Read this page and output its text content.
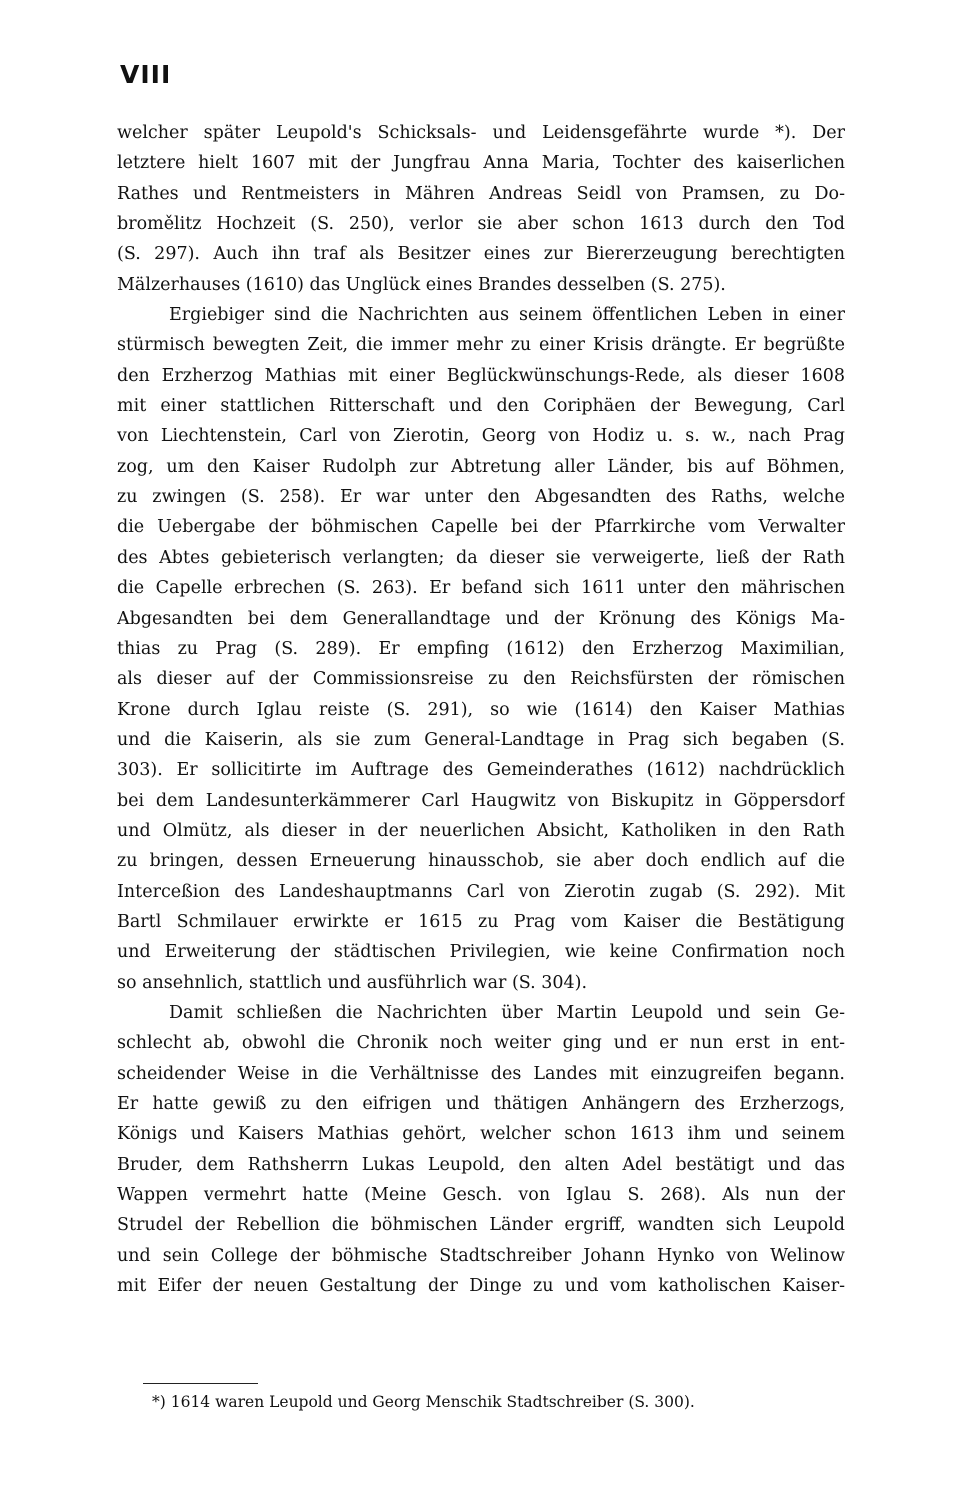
VIII
welcher später Leupold's Schicksals- und Leidensgefährte wurde *). Der
letztere hielt 1607 mit der Jungfrau Anna Maria, Tochter des kaiserlichen
Rathes und Rentmeisters in Mähren Andreas Seidl von Pramsen, zu Do-
bromělitz Hochzeit (S. 250), verlor sie aber schon 1613 durch den Tod
(S. 297). Auch ihn traf als Besitzer eines zur Biererzeugung berechtigten
Mälzerhauses (1610) das Unglück eines Brandes desselben (S. 275).
Ergiebiger sind die Nachrichten aus seinem öffentlichen Leben in einer
stürmisch bewegten Zeit, die immer mehr zu einer Krisis drängte. Er begrüßte
den Erzherzog Mathias mit einer Beglückwünschungs-Rede, als dieser 1608
mit einer stattlichen Ritterschaft und den Coriphäen der Bewegung, Carl
von Liechtenstein, Carl von Zierotin, Georg von Hodiz u. s. w., nach Prag
zog, um den Kaiser Rudolph zur Abtretung aller Länder, bis auf Böhmen,
zu zwingen (S. 258). Er war unter den Abgesandten des Raths, welche
die Uebergabe der böhmischen Capelle bei der Pfarrkirche vom Verwalter
des Abtes gebieterisch verlangten; da dieser sie verweigerte, ließ der Rath
die Capelle erbrechen (S. 263). Er befand sich 1611 unter den mährischen
Abgesandten bei dem Generallandtage und der Krönung des Königs Ma-
thias zu Prag (S. 289). Er empfing (1612) den Erzherzog Maximilian,
als dieser auf der Commissionsreise zu den Reichsfürsten der römischen
Krone durch Iglau reiste (S. 291), so wie (1614) den Kaiser Mathias
und die Kaiserin, als sie zum General-Landtage in Prag sich begaben (S.
303). Er sollicitirte im Auftrage des Gemeinderathes (1612) nachdrücklich
bei dem Landesunterkämmerer Carl Haugwitz von Biskupitz in Göppersdorf
und Olmütz, als dieser in der neuerlichen Absicht, Katholiken in den Rath
zu bringen, dessen Erneuerung hinausschob, sie aber doch endlich auf die
Interceßion des Landeshauptmanns Carl von Zierotin zugab (S. 292). Mit
Bartl Schmilauer erwirkte er 1615 zu Prag vom Kaiser die Bestätigung
und Erweiterung der städtischen Privilegien, wie keine Confirmation noch
so ansehnlich, stattlich und ausführlich war (S. 304).
Damit schließen die Nachrichten über Martin Leupold und sein Ge-
schlecht ab, obwohl die Chronik noch weiter ging und er nun erst in ent-
scheidender Weise in die Verhältnisse des Landes mit einzugreifen begann.
Er hatte gewiß zu den eifrigen und thätigen Anhängern des Erzherzogs,
Königs und Kaisers Mathias gehört, welcher schon 1613 ihm und seinem
Bruder, dem Rathsherrn Lukas Leupold, den alten Adel bestätigt und das
Wappen vermehrt hatte (Meine Gesch. von Iglau S. 268). Als nun der
Strudel der Rebellion die böhmischen Länder ergriff, wandten sich Leupold
und sein College der böhmische Stadtschreiber Johann Hynko von Welinow
mit Eifer der neuen Gestaltung der Dinge zu und vom katholischen Kaiser-
*) 1614 waren Leupold und Georg Menschik Stadtschreiber (S. 300).
